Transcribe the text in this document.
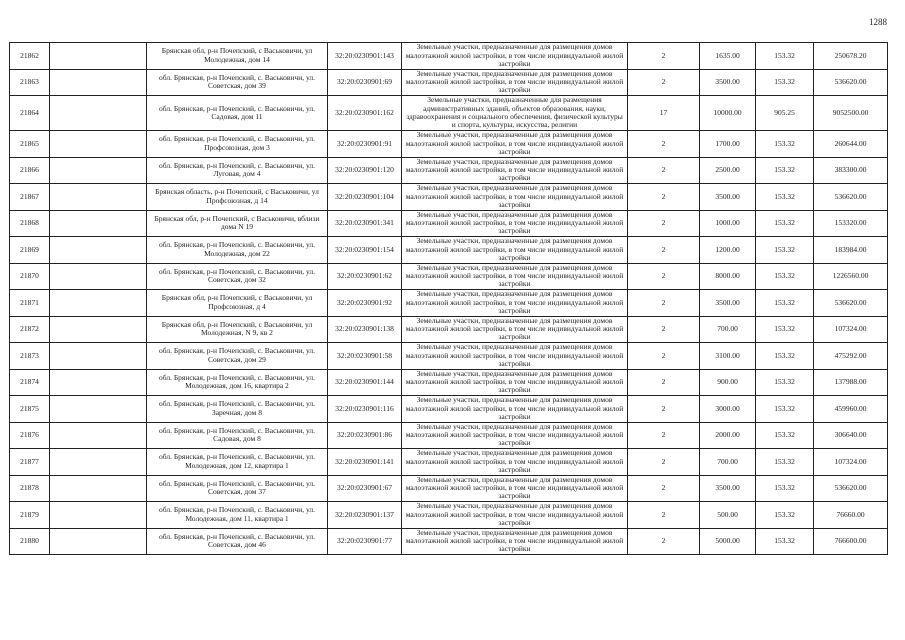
1288
21862		Брянская обл, р-н Почепский, с Васьковичи, ул Молодежная, дом 14	32:20:0230901:143	Земельные участки, предназначенные для размещения домов малоэтажной жилой застройки, в том числе индивидуальной жилой застройки	2	1635.00	153.32	250678.20
21863		обл. Брянская, р-н Почепский, с. Васьковичи, ул. Советская, дом 39	32:20:0230901:69	Земельные участки, предназначенные для размещения домов малоэтажной жилой застройки, в том числе индивидуальной жилой застройки	2	3500.00	153.32	536620.00
21864		обл. Брянская, р-н Почепский, с. Васьковичи, ул. Садовая, дом 11	32:20:0230901:162	Земельные участки, предназначенные для размещения административных зданий, объектов образования, науки, здравоохранения и социального обеспечения, физической культуры и спорта, культуры, искусства, религии	17	10000.00	905.25	9052500.00
21865		обл. Брянская, р-н Почепский, с. Васьковичи, ул. Профсоюзная, дом 3	32:20:0230901:91	Земельные участки, предназначенные для размещения домов малоэтажной жилой застройки, в том числе индивидуальной жилой застройки	2	1700.00	153.32	260644.00
21866		обл. Брянская, р-н Почепский, с. Васьковичи, ул. Луговая, дом 4	32:20:0230901:120	Земельные участки, предназначенные для размещения домов малоэтажной жилой застройки, в том числе индивидуальной жилой застройки	2	2500.00	153.32	383300.00
21867		Брянская область, р-н Почепский, с Васьковичи, ул Профсоюзная, д 14	32:20:0230901:104	Земельные участки, предназначенные для размещения домов малоэтажной жилой застройки, в том числе индивидуальной жилой застройки	2	3500.00	153.32	536620.00
21868		Брянская обл, р-н Почепский, с Васьковичи, вблизи дома N 19	32:20:0230901:341	Земельные участки, предназначенные для размещения домов малоэтажной жилой застройки, в том числе индивидуальной жилой застройки	2	1000.00	153.32	153320.00
21869		обл. Брянская, р-н Почепский, с. Васьковичи, ул. Молодежная, дом 22	32:20:0230901:154	Земельные участки, предназначенные для размещения домов малоэтажной жилой застройки, в том числе индивидуальной жилой застройки	2	1200.00	153.32	183984.00
21870		обл. Брянская, р-н Почепский, с. Васьковичи, ул. Советская, дом 32	32:20:0230901:62	Земельные участки, предназначенные для размещения домов малоэтажной жилой застройки, в том числе индивидуальной жилой застройки	2	8000.00	153.32	1226560.00
21871		Брянская обл, р-н Почепский, с Васьковичи, ул Профсоюзная, д 4	32:20:0230901:92	Земельные участки, предназначенные для размещения домов малоэтажной жилой застройки, в том числе индивидуальной жилой застройки	2	3500.00	153.32	536620.00
21872		Брянская обл, р-н Почепский, с Васьковичи, ул Молодежная, N 9, кв 2	32:20:0230901:138	Земельные участки, предназначенные для размещения домов малоэтажной жилой застройки, в том числе индивидуальной жилой застройки	2	700.00	153.32	107324.00
21873		обл. Брянская, р-н Почепский, с. Васьковичи, ул. Советская, дом 29	32:20:0230901:58	Земельные участки, предназначенные для размещения домов малоэтажной жилой застройки, в том числе индивидуальной жилой застройки	2	3100.00	153.32	475292.00
21874		обл. Брянская, р-н Почепский, с. Васьковичи, ул. Молодежная, дом 16, квартира 2	32:20:0230901:144	Земельные участки, предназначенные для размещения домов малоэтажной жилой застройки, в том числе индивидуальной жилой застройки	2	900.00	153.32	137988.00
21875		обл. Брянская, р-н Почепский, с. Васьковичи, ул. Заречная, дом 8	32:20:0230901:116	Земельные участки, предназначенные для размещения домов малоэтажной жилой застройки, в том числе индивидуальной жилой застройки	2	3000.00	153.32	459960.00
21876		обл. Брянская, р-н Почепский, с. Васьковичи, ул. Садовая, дом 8	32:20:0230901:86	Земельные участки, предназначенные для размещения домов малоэтажной жилой застройки, в том числе индивидуальной жилой застройки	2	2000.00	153.32	306640.00
21877		обл. Брянская, р-н Почепский, с. Васьковичи, ул. Молодежная, дом 12, квартира 1	32:20:0230901:141	Земельные участки, предназначенные для размещения домов малоэтажной жилой застройки, в том числе индивидуальной жилой застройки	2	700.00	153.32	107324.00
21878		обл. Брянская, р-н Почепский, с. Васьковичи, ул. Советская, дом 37	32:20:0230901:67	Земельные участки, предназначенные для размещения домов малоэтажной жилой застройки, в том числе индивидуальной жилой застройки	2	3500.00	153.32	536620.00
21879		обл. Брянская, р-н Почепский, с. Васьковичи, ул. Молодежная, дом 11, квартира 1	32:20:0230901:137	Земельные участки, предназначенные для размещения домов малоэтажной жилой застройки, в том числе индивидуальной жилой застройки	2	500.00	153.32	76660.00
21880		обл. Брянская, р-н Почепский, с. Васьковичи, ул. Советская, дом 46	32:20:0230901:77	Земельные участки, предназначенные для размещения домов малоэтажной жилой застройки, в том числе индивидуальной жилой застройки	2	5000.00	153.32	766600.00
